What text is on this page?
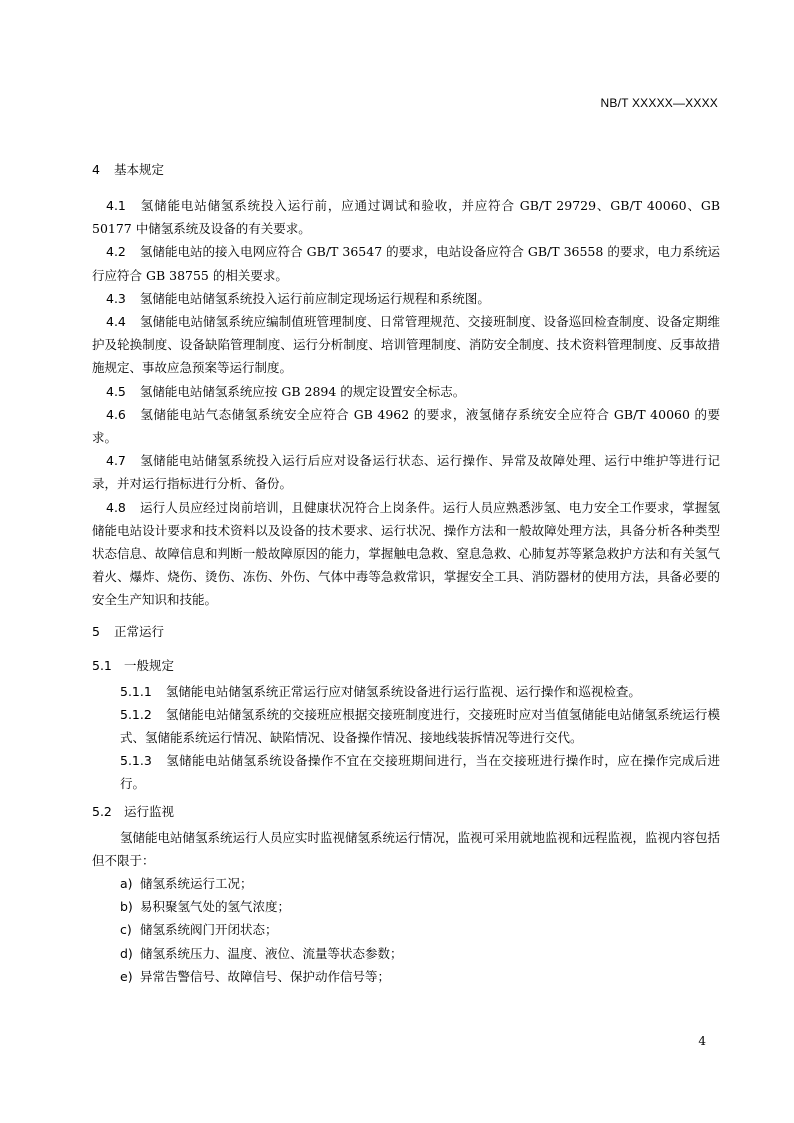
NB/T XXXXX—XXXX
4 基本规定

4.1 氢储能电站储氢系统投入运行前，应通过调试和验收，并应符合 GB/T 29729、GB/T 40060、GB 50177 中储氢系统及设备的有关要求。

4.2 氢储能电站的接入电网应符合 GB/T 36547 的要求，电站设备应符合 GB/T 36558 的要求，电力系统运行应符合 GB 38755 的相关要求。

4.3 氢储能电站储氢系统投入运行前应制定现场运行规程和系统图。

4.4 氢储能电站储氢系统应编制值班管理制度、日常管理规范、交接班制度、设备巡回检查制度、设备定期维护及轮换制度、设备缺陷管理制度、运行分析制度、培训管理制度、消防安全制度、技术资料管理制度、反事故措施规定、事故应急预案等运行制度。

4.5 氢储能电站储氢系统应按 GB 2894 的规定设置安全标志。

4.6 氢储能电站气态储氢系统安全应符合 GB 4962 的要求，液氢储存系统安全应符合 GB/T 40060 的要求。

4.7 氢储能电站储氢系统投入运行后应对设备运行状态、运行操作、异常及故障处理、运行中维护等进行记录，并对运行指标进行分析、备份。

4.8 运行人员应经过岗前培训，且健康状况符合上岗条件。运行人员应熟悉涉氢、电力安全工作要求，掌握氢储能电站设计要求和技术资料以及设备的技术要求、运行状况、操作方法和一般故障处理方法，具备分析各种类型状态信息、故障信息和判断一般故障原因的能力，掌握触电急救、窒息急救、心肺复苏等紧急救护方法和有关氢气着火、爆炸、烧伤、烫伤、冻伤、外伤、气体中毒等急救常识，掌握安全工具、消防器材的使用方法，具备必要的安全生产知识和技能。

5 正常运行
5.1 一般规定

5.1.1 氢储能电站储氢系统正常运行应对储氢系统设备进行运行监视、运行操作和巡视检查。

5.1.2 氢储能电站储氢系统的交接班应根据交接班制度进行，交接班时应对当值氢储能电站储氢系统运行模式、氢储能系统运行情况、缺陷情况、设备操作情况、接地线装拆情况等进行交代。

5.1.3 氢储能电站储氢系统设备操作不宜在交接班期间进行，当在交接班进行操作时，应在操作完成后进行。

5.2 运行监视

氢储能电站储氢系统运行人员应实时监视储氢系统运行情况，监视可采用就地监视和远程监视，监视内容包括但不限于：

a) 储氢系统运行工况；
b) 易积聚氢气处的氢气浓度；
c) 储氢系统阀门开闭状态；
d) 储氢系统压力、温度、液位、流量等状态参数；
e) 异常告警信号、故障信号、保护动作信号等；
4
